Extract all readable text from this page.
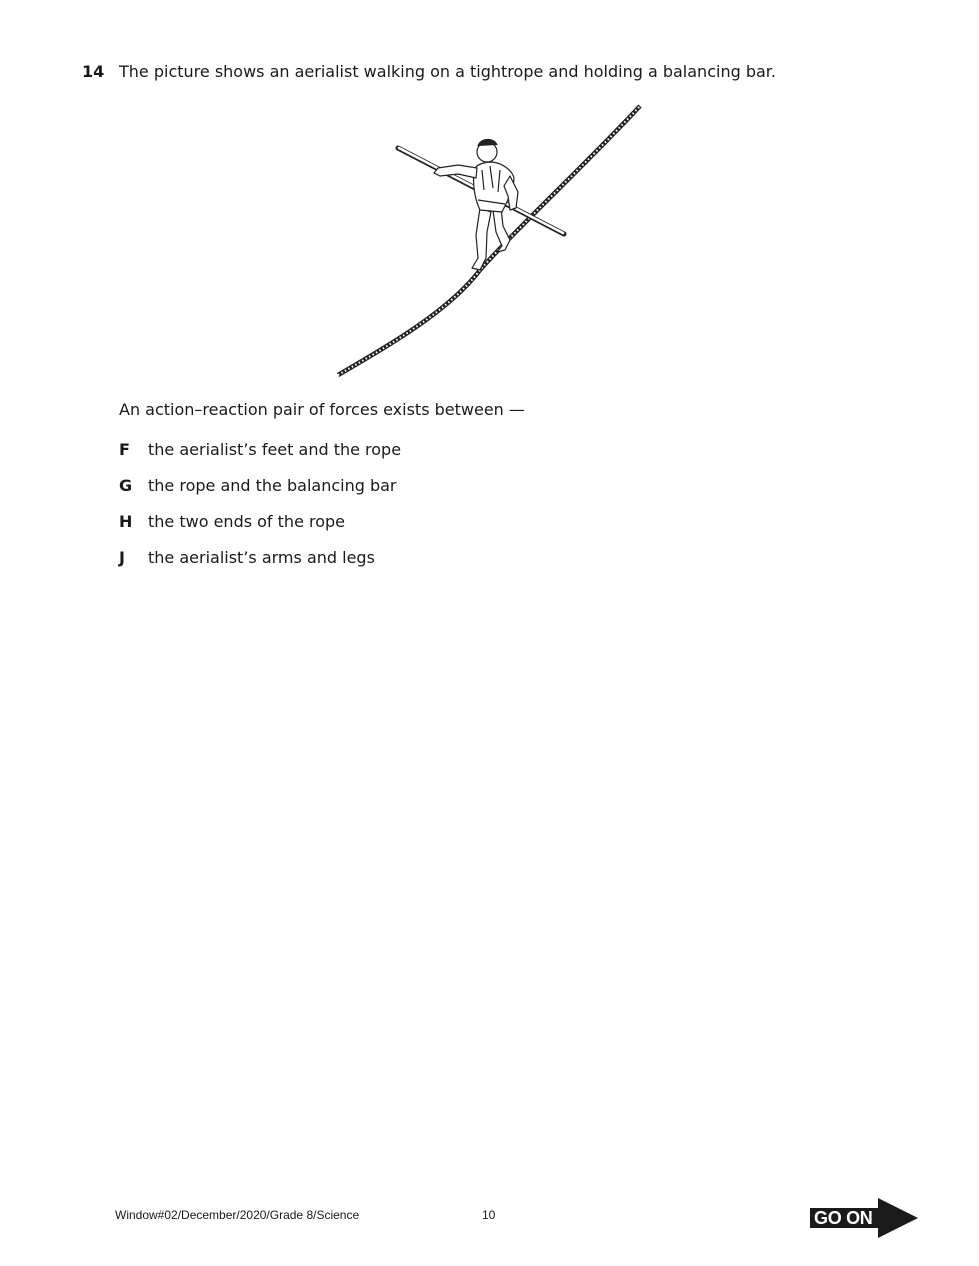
14 The picture shows an aerialist walking on a tightrope and holding a balancing bar.
An action–reaction pair of forces exists between —
F the aerialist’s feet and the rope
G the rope and the balancing bar
H the two ends of the rope
J the aerialist’s arms and legs
Window#02/December/2020/Grade 8/Science	10	GO ON
